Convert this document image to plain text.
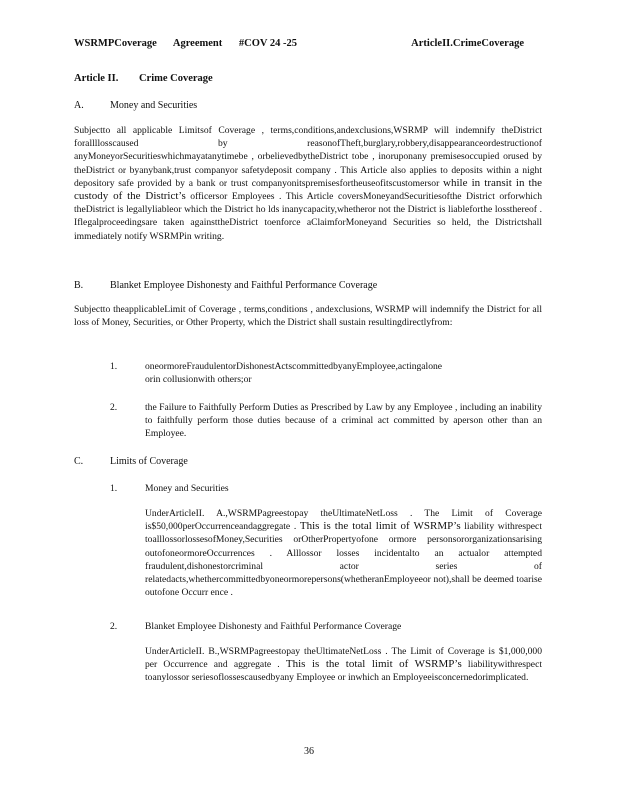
WSRMPCoverage Agreement #COV 24 -25	ArticleII.CrimeCoverage
Article II. Crime Coverage
A.	Money and Securities
Subjectto all applicable Limitsof Coverage , terms,conditions,andexclusions,WSRMP will indemnify theDistrict forallllosscaused by reasonofTheft,burglary,robbery,disappearanceordestructionof anyMoneyorSecuritieswhichmayatanytimebe , orbelievedbytheDistrict tobe , inoruponany premisesoccupied orused by theDistrict or byanybank,trust companyor safetydeposit company . This Article also applies to deposits within a night depository safe provided by a bank or trust companyonitspremisesfortheuseofitscustomersor while in transit in the custody of the District’s officersor Employees . This Article coversMoneyandSecuritiesofthe District orforwhich theDistrict is legallyliableor which the District ho lds inanycapacity,whetheror not the District is liableforthe lossthereof . Iflegalproceedingsare taken againsttheDistrict toenforce aClaimforMoneyand Securities so held, the Districtshall immediately notify WSRMPin writing.
B.	Blanket Employee Dishonesty and Faithful Performance Coverage
Subjectto theapplicableLimit of Coverage , terms,conditions , andexclusions, WSRMP will indemnify the District for all loss of Money, Securities, or Other Property, which the District shall sustain resultingdirectlyfrom:
1.	oneormoreFraudulentorDishonestActscommittedbyanyEmployee,actingalone orin collusionwith others;or
2.	the Failure to Faithfully Perform Duties as Prescribed by Law by any Employee , including an inability to faithfully perform those duties because of a criminal act committed by aperson other than an Employee.
C.	Limits of Coverage
1.	Money and Securities
UnderArticleII. A.,WSRMPagreestopay theUltimateNetLoss . The Limit of Coverage is$50,000perOccurrenceandaggregate . This is the total limit of WSRMP’s liability withrespect toalllossorlossesofMoney,Securities orOtherPropertyofone ormore personsororganizationsarising outofoneormoreOccurrences . Alllossor losses incidentalto an actualor attempted fraudulent,dishonestorcriminal actor series of relatedacts,whethercommittedbyoneormorepersons(whetheranEmployeeor not),shall be deemed toarise outofone Occurr ence .
2.	Blanket Employee Dishonesty and Faithful Performance Coverage
UnderArticleII. B.,WSRMPagreestopay theUltimateNetLoss . The Limit of Coverage is $1,000,000 per Occurrence and aggregate . This is the total limit of WSRMP’s liabilitywithrespect toanylossor seriesoflossescausedbyany Employee or inwhich an Employeeisconcernedorimplicated.
36
